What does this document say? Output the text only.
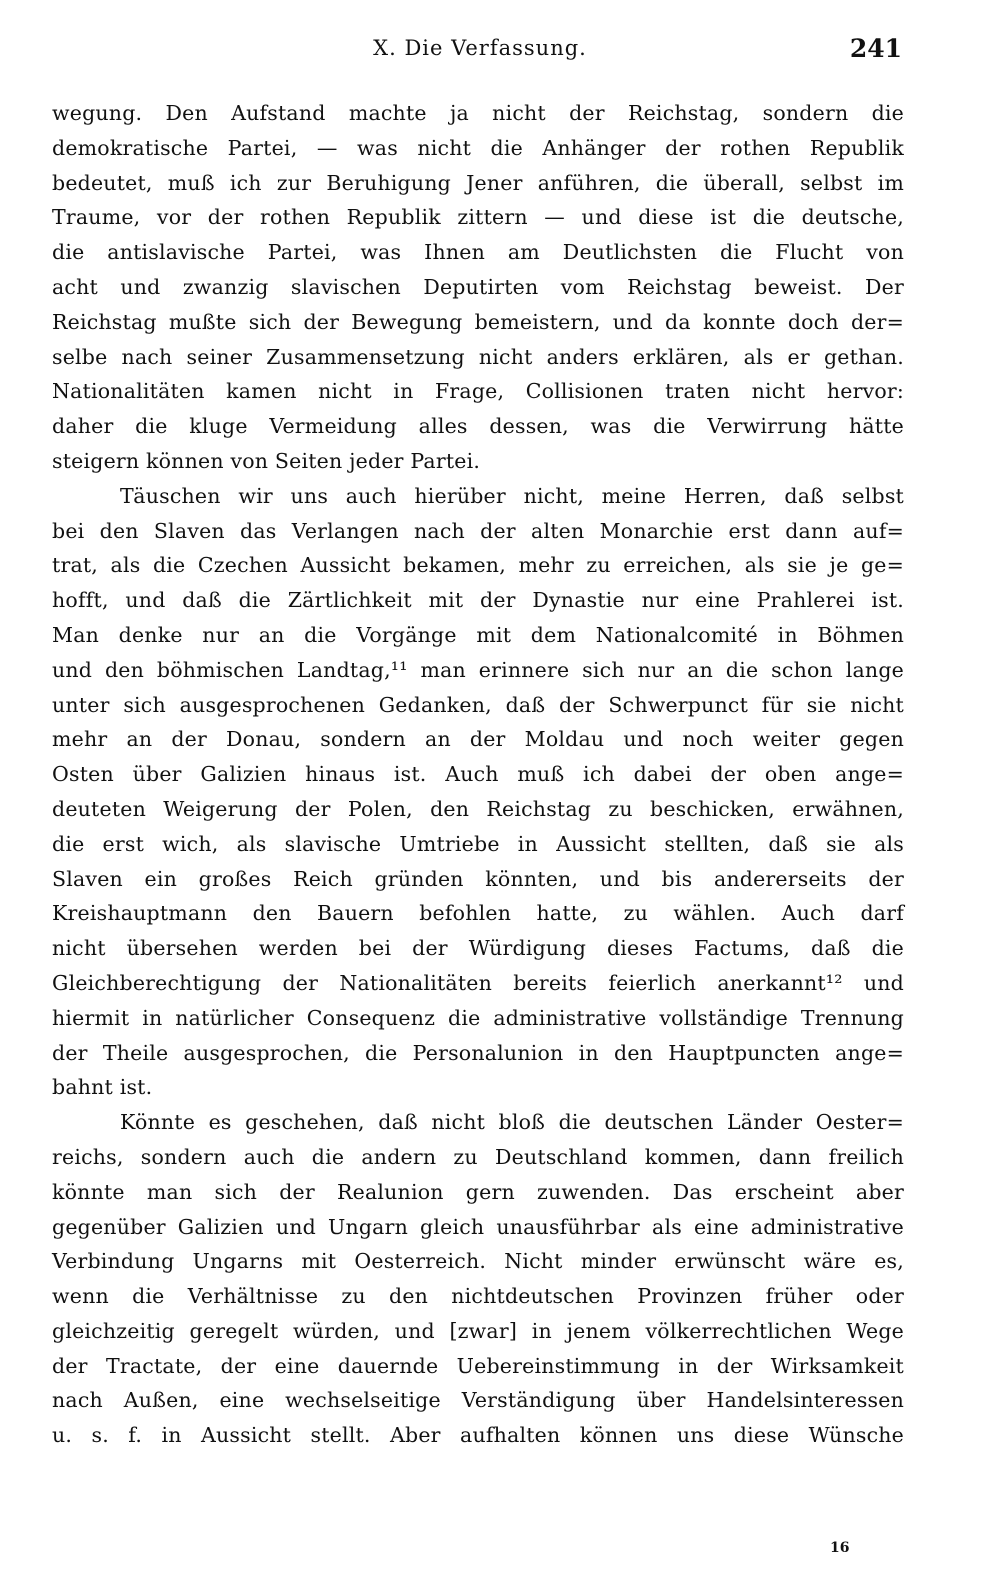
X. Die Verfassung.	241
wegung. Den Aufstand machte ja nicht der Reichstag, sondern die
demokratische Partei, — was nicht die Anhänger der rothen Republik
bedeutet, muß ich zur Beruhigung Jener anführen, die überall, selbst im
Traume, vor der rothen Republik zittern — und diese ist die deutsche,
die antislavische Partei, was Ihnen am Deutlichsten die Flucht von
acht und zwanzig slavischen Deputirten vom Reichstag beweist. Der
Reichstag mußte sich der Bewegung bemeistern, und da konnte doch der=
selbe nach seiner Zusammensetzung nicht anders erklären, als er gethan.
Nationalitäten kamen nicht in Frage, Collisionen traten nicht hervor:
daher die kluge Vermeidung alles dessen, was die Verwirrung hätte
steigern können von Seiten jeder Partei.
Täuschen wir uns auch hierüber nicht, meine Herren, daß selbst
bei den Slaven das Verlangen nach der alten Monarchie erst dann auf=
trat, als die Czechen Aussicht bekamen, mehr zu erreichen, als sie je ge=
hofft, und daß die Zärtlichkeit mit der Dynastie nur eine Prahlerei ist.
Man denke nur an die Vorgänge mit dem Nationalcomité in Böhmen
und den böhmischen Landtag,¹¹ man erinnere sich nur an die schon lange
unter sich ausgesprochenen Gedanken, daß der Schwerpunct für sie nicht
mehr an der Donau, sondern an der Moldau und noch weiter gegen
Osten über Galizien hinaus ist. Auch muß ich dabei der oben ange=
deuteten Weigerung der Polen, den Reichstag zu beschicken, erwähnen,
die erst wich, als slavische Umtriebe in Aussicht stellten, daß sie als
Slaven ein großes Reich gründen könnten, und bis andererseits der
Kreishauptmann den Bauern befohlen hatte, zu wählen. Auch darf
nicht übersehen werden bei der Würdigung dieses Factums, daß die
Gleichberechtigung der Nationalitäten bereits feierlich anerkannt¹² und
hiermit in natürlicher Consequenz die administrative vollständige Trennung
der Theile ausgesprochen, die Personalunion in den Hauptpuncten ange=
bahnt ist.
Könnte es geschehen, daß nicht bloß die deutschen Länder Oester=
reichs, sondern auch die andern zu Deutschland kommen, dann freilich
könnte man sich der Realunion gern zuwenden. Das erscheint aber
gegenüber Galizien und Ungarn gleich unausführbar als eine administrative
Verbindung Ungarns mit Oesterreich. Nicht minder erwünscht wäre es,
wenn die Verhältnisse zu den nichtdeutschen Provinzen früher oder
gleichzeitig geregelt würden, und [zwar] in jenem völkerrechtlichen Wege
der Tractate, der eine dauernde Uebereinstimmung in der Wirksamkeit
nach Außen, eine wechselseitige Verständigung über Handelsinteressen
u. s. f. in Aussicht stellt. Aber aufhalten können uns diese Wünsche
16
